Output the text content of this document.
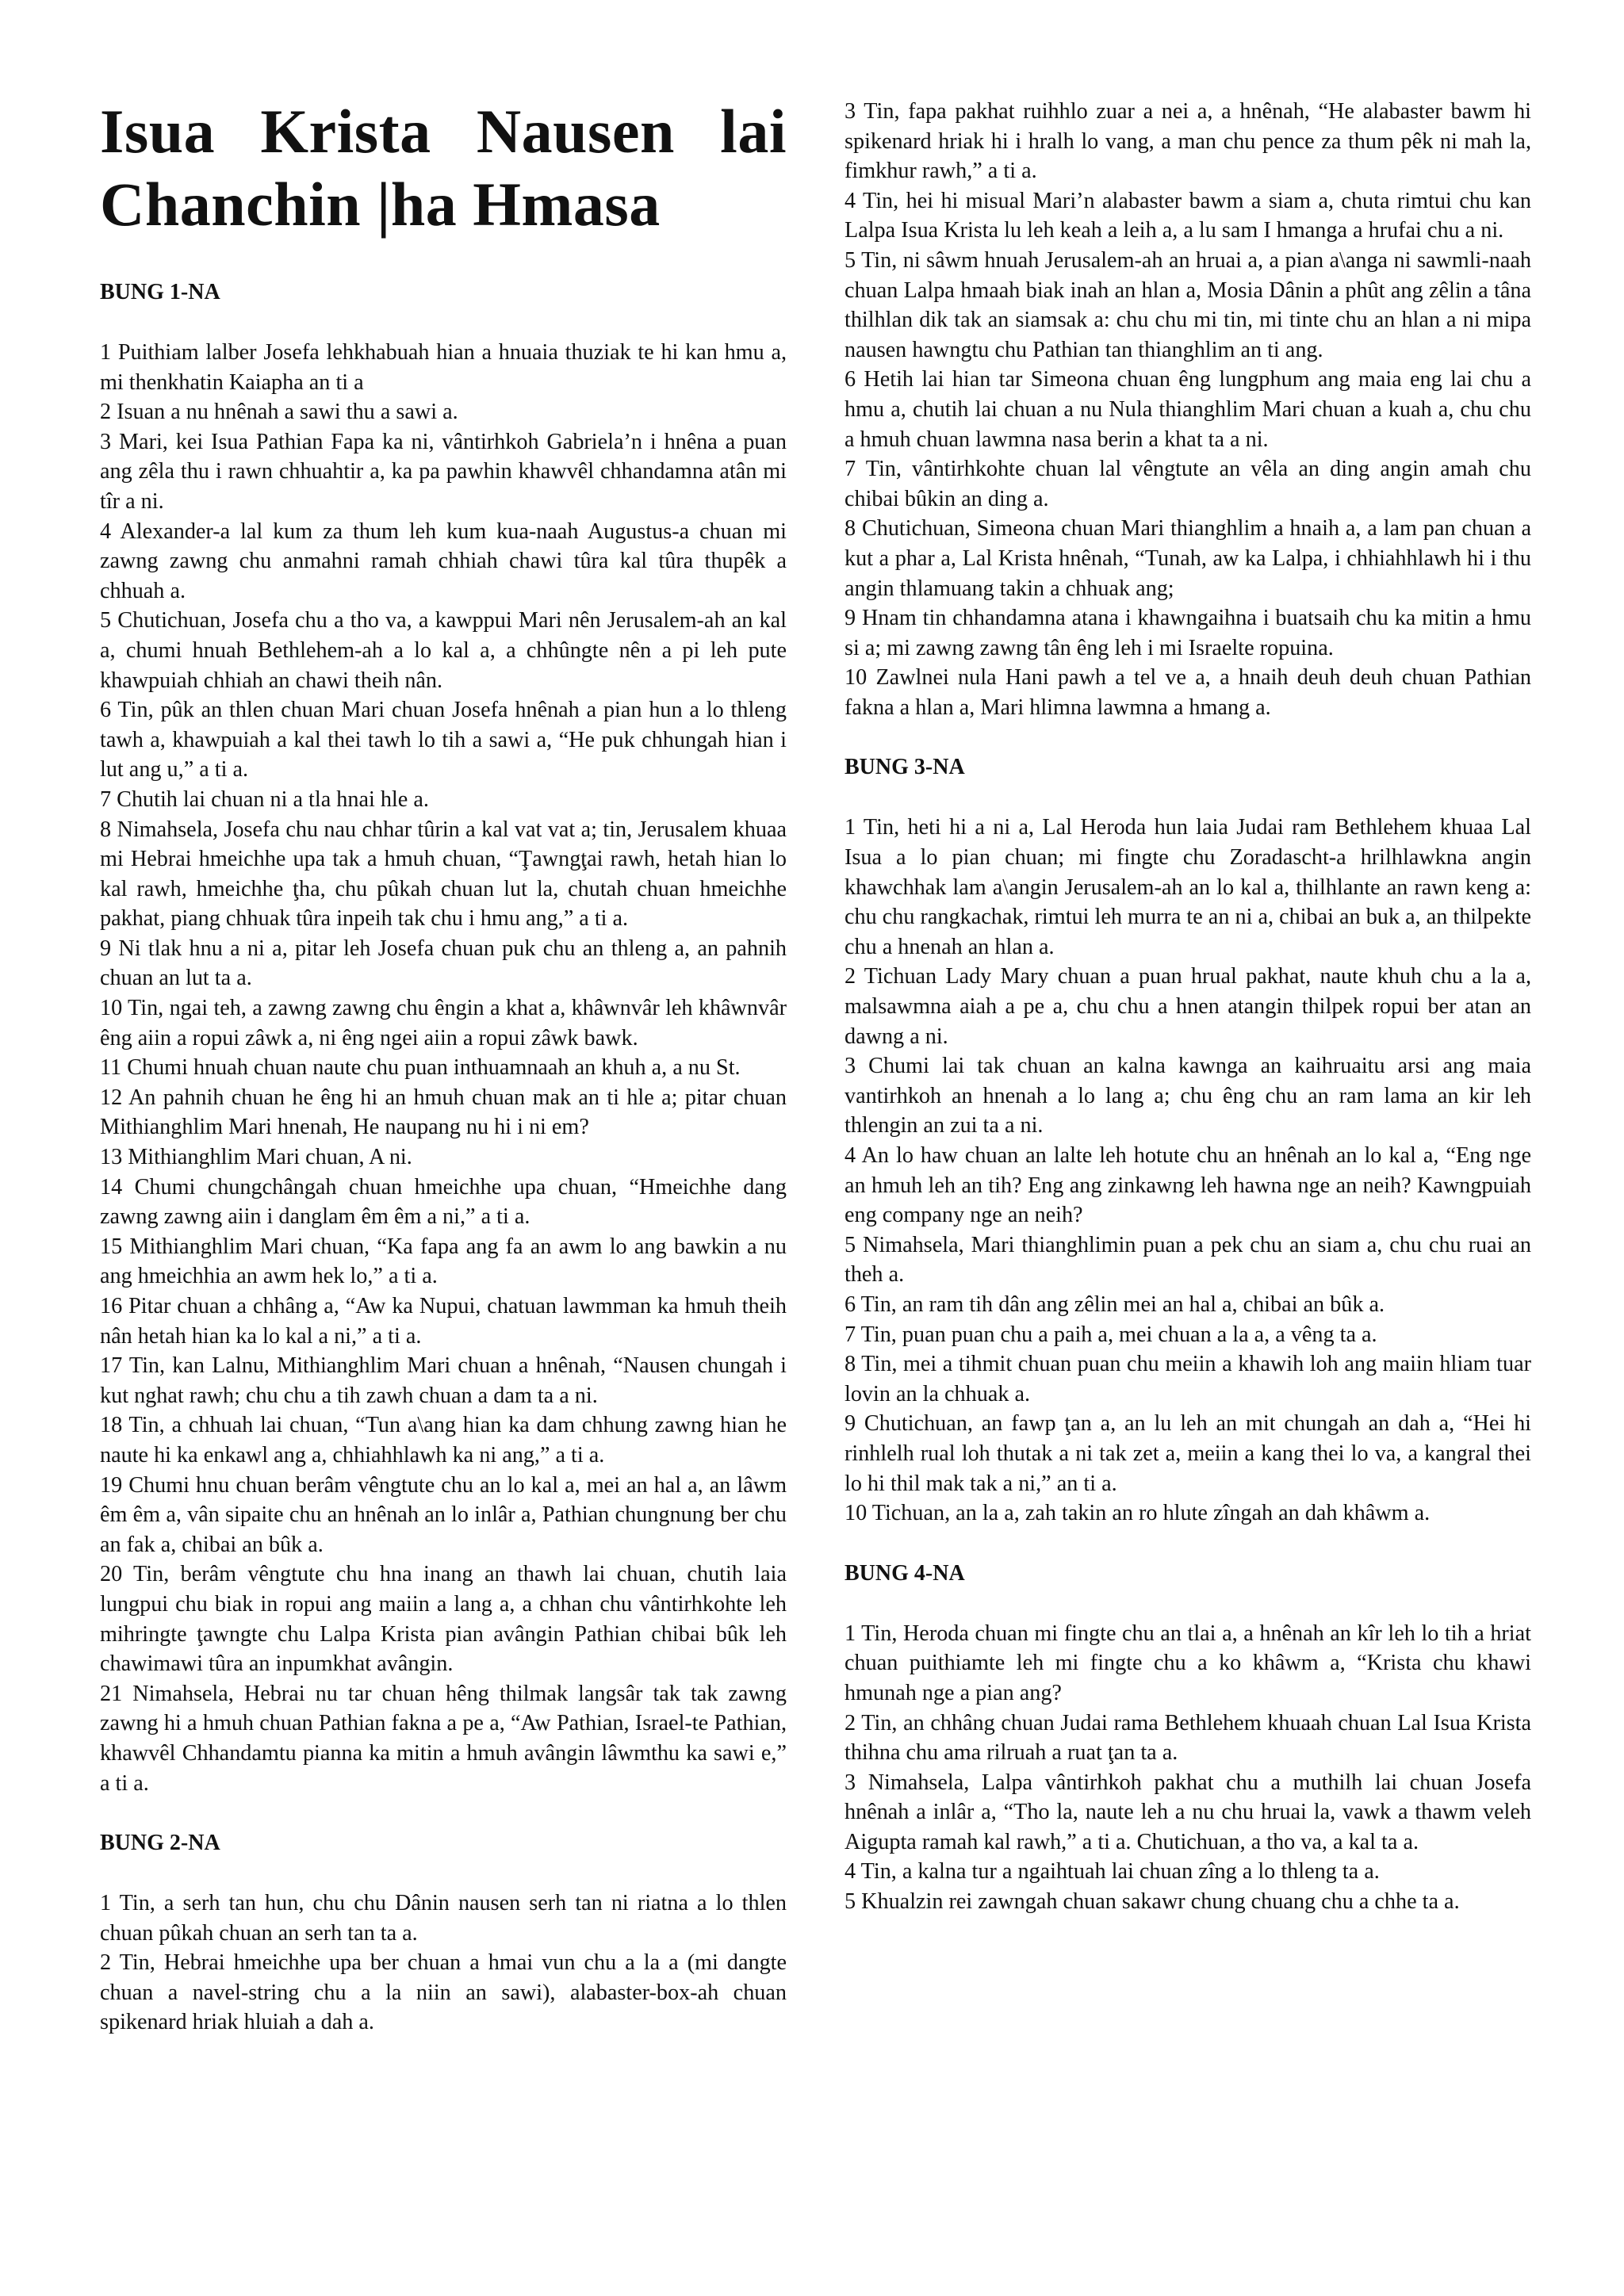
Isua Krista Nausen lai Chanchin |ha Hmasa
BUNG 1-NA

1 Puithiam lalber Josefa lehkhabuah hian a hnuaia thuziak te hi kan hmu a, mi thenkhatin Kaiapha an ti a

2 Isuan a nu hnênah a sawi thu a sawi a.

3 Mari, kei Isua Pathian Fapa ka ni, vântirhkoh Gabriela’n i hnêna a puan ang zêla thu i rawn chhuahtir a, ka pa pawhin khawvêl chhandamna atân mi tîr a ni.

4 Alexander-a lal kum za thum leh kum kua-naah Augustus-a chuan mi zawng zawng chu anmahni ramah chhiah chawi tûra kal tûra thupêk a chhuah a.

5 Chutichuan, Josefa chu a tho va, a kawppui Mari nên Jerusalem-ah an kal a, chumi hnuah Bethlehem-ah a lo kal a, a chhûngte nên a pi leh pute khawpuiah chhiah an chawi theih nân.

6 Tin, pûk an thlen chuan Mari chuan Josefa hnênah a pian hun a lo thleng tawh a, khawpuiah a kal thei tawh lo tih a sawi a, “He puk chhungah hian i lut ang u,” a ti a.

7 Chutih lai chuan ni a tla hnai hle a.

8 Nimahsela, Josefa chu nau chhar tûrin a kal vat vat a; tin, Jerusalem khuaa mi Hebrai hmeichhe upa tak a hmuh chuan, “Ţawngţai rawh, hetah hian lo kal rawh, hmeichhe ţha, chu pûkah chuan lut la, chutah chuan hmeichhe pakhat, piang chhuak tûra inpeih tak chu i hmu ang,” a ti a.

9 Ni tlak hnu a ni a, pitar leh Josefa chuan puk chu an thleng a, an pahnih chuan an lut ta a.

10 Tin, ngai teh, a zawng zawng chu êngin a khat a, khâwnvâr leh khâwnvâr êng aiin a ropui zâwk a, ni êng ngei aiin a ropui zâwk bawk.

11 Chumi hnuah chuan naute chu puan inthuamnaah an khuh a, a nu St.

12 An pahnih chuan he êng hi an hmuh chuan mak an ti hle a; pitar chuan Mithianghlim Mari hnenah, He naupang nu hi i ni em?

13 Mithianghlim Mari chuan, A ni.

14 Chumi chungchângah chuan hmeichhe upa chuan, “Hmeichhe dang zawng zawng aiin i danglam êm êm a ni,” a ti a.

15 Mithianghlim Mari chuan, “Ka fapa ang fa an awm lo ang bawkin a nu ang hmeichhia an awm hek lo,” a ti a.

16 Pitar chuan a chhâng a, “Aw ka Nupui, chatuan lawmman ka hmuh theih nân hetah hian ka lo kal a ni,” a ti a.

17 Tin, kan Lalnu, Mithianghlim Mari chuan a hnênah, “Nausen chungah i kut nghat rawh; chu chu a tih zawh chuan a dam ta a ni.

18 Tin, a chhuah lai chuan, “Tun a\ang hian ka dam chhung zawng hian he naute hi ka enkawl ang a, chhiahhlawh ka ni ang,” a ti a.

19 Chumi hnu chuan berâm vêngtute chu an lo kal a, mei an hal a, an lâwm êm êm a, vân sipaite chu an hnênah an lo inlâr a, Pathian chungnung ber chu an fak a, chibai an bûk a.

20 Tin, berâm vêngtute chu hna inang an thawh lai chuan, chutih laia lungpui chu biak in ropui ang maiin a lang a, a chhan chu vântirhkohte leh mihringte ţawngte chu Lalpa Krista pian avângin Pathian chibai bûk leh chawimawi tûra an inpumkhat avângin.

21 Nimahsela, Hebrai nu tar chuan hêng thilmak langsâr tak tak zawng zawng hi a hmuh chuan Pathian fakna a pe a, “Aw Pathian, Israel-te Pathian, khawvêl Chhandamtu pianna ka mitin a hmuh avângin lâwmthu ka sawi e,” a ti a.

BUNG 2-NA

1 Tin, a serh tan hun, chu chu Dânin nausen serh tan ni riatna a lo thlen chuan pûkah chuan an serh tan ta a.

2 Tin, Hebrai hmeichhe upa ber chuan a hmai vun chu a la a (mi dangte chuan a navel-string chu a la niin an sawi), alabaster-box-ah chuan spikenard hriak hluiah a dah a.

3 Tin, fapa pakhat ruihhlo zuar a nei a, a hnênah, “He alabaster bawm hi spikenard hriak hi i hralh lo vang, a man chu pence za thum pêk ni mah la, fimkhur rawh,” a ti a.

4 Tin, hei hi misual Mari’n alabaster bawm a siam a, chuta rimtui chu kan Lalpa Isua Krista lu leh keah a leih a, a lu sam I hmanga a hrufai chu a ni.

5 Tin, ni sâwm hnuah Jerusalem-ah an hruai a, a pian a\anga ni sawmli-naah chuan Lalpa hmaah biak inah an hlan a, Mosia Dânin a phût ang zêlin a tâna thilhlan dik tak an siamsak a: chu chu mi tin, mi tinte chu an hlan a ni mipa nausen hawngtu chu Pathian tan thianghlim an ti ang.

6 Hetih lai hian tar Simeona chuan êng lungphum ang maia eng lai chu a hmu a, chutih lai chuan a nu Nula thianghlim Mari chuan a kuah a, chu chu a hmuh chuan lawmna nasa berin a khat ta a ni.

7 Tin, vântirhkohte chuan lal vêngtute an vêla an ding angin amah chu chibai bûkin an ding a.

8 Chutichuan, Simeona chuan Mari thianghlim a hnaih a, a lam pan chuan a kut a phar a, Lal Krista hnênah, “Tunah, aw ka Lalpa, i chhiahhlawh hi i thu angin thlamuang takin a chhuak ang;

9 Hnam tin chhandamna atana i khawngaihna i buatsaih chu ka mitin a hmu si a; mi zawng zawng tân êng leh i mi Israelte ropuina.

10 Zawlnei nula Hani pawh a tel ve a, a hnaih deuh deuh chuan Pathian fakna a hlan a, Mari hlimna lawmna a hmang a.

BUNG 3-NA

1 Tin, heti hi a ni a, Lal Heroda hun laia Judai ram Bethlehem khuaa Lal Isua a lo pian chuan; mi fingte chu Zoradascht-a hrilhlawkna angin khawchhak lam a\angin Jerusalem-ah an lo kal a, thilhlante an rawn keng a: chu chu rangkachak, rimtui leh murra te an ni a, chibai an buk a, an thilpekte chu a hnenah an hlan a.

2 Tichuan Lady Mary chuan a puan hrual pakhat, naute khuh chu a la a, malsawmna aiah a pe a, chu chu a hnen atangin thilpek ropui ber atan an dawng a ni.

3 Chumi lai tak chuan an kalna kawnga an kaihruaitu arsi ang maia vantirhkoh an hnenah a lo lang a; chu êng chu an ram lama an kir leh thlengin an zui ta a ni.

4 An lo haw chuan an lalte leh hotute chu an hnênah an lo kal a, “Eng nge an hmuh leh an tih? Eng ang zinkawng leh hawna nge an neih? Kawngpuiah eng company nge an neih?

5 Nimahsela, Mari thianghlimin puan a pek chu an siam a, chu chu ruai an theh a.

6 Tin, an ram tih dân ang zêlin mei an hal a, chibai an bûk a.

7 Tin, puan puan chu a paih a, mei chuan a la a, a vêng ta a.

8 Tin, mei a tihmit chuan puan chu meiin a khawih loh ang maiin hliam tuar lovin an la chhuak a.

9 Chutichuan, an fawp ţan a, an lu leh an mit chungah an dah a, “Hei hi rinhlelh rual loh thutak a ni tak zet a, meiin a kang thei lo va, a kangral thei lo hi thil mak tak a ni,” an ti a.

10 Tichuan, an la a, zah takin an ro hlute zîngah an dah khâwm a.

BUNG 4-NA

1 Tin, Heroda chuan mi fingte chu an tlai a, a hnênah an kîr leh lo tih a hriat chuan puithiamte leh mi fingte chu a ko khâwm a, “Krista chu khawi hmunah nge a pian ang?

2 Tin, an chhâng chuan Judai rama Bethlehem khuaah chuan Lal Isua Krista thihna chu ama rilruah a ruat ţan ta a.

3 Nimahsela, Lalpa vântirhkoh pakhat chu a muthilh lai chuan Josefa hnênah a inlâr a, “Tho la, naute leh a nu chu hruai la, vawk a thawm veleh Aigupta ramah kal rawh,” a ti a. Chutichuan, a tho va, a kal ta a.

4 Tin, a kalna tur a ngaihtuah lai chuan zîng a lo thleng ta a.

5 Khualzin rei zawngah chuan sakawr chung chuang chu a chhe ta a.
